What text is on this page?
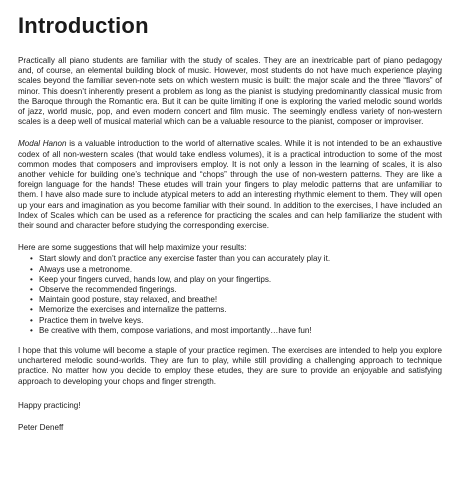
Introduction

Practically all piano students are familiar with the study of scales. They are an inextricable part of piano pedagogy and, of course, an elemental building block of music. However, most students do not have much experience playing scales beyond the familiar seven-note sets on which western music is built: the major scale and the three “flavors” of minor. This doesn’t inherently present a problem as long as the pianist is studying predominantly classical music from the Baroque through the Romantic era. But it can be quite limiting if one is exploring the varied melodic sound worlds of jazz, world music, pop, and even modern concert and film music. The seemingly endless variety of non-western scales is a deep well of musical material which can be a valuable resource to the pianist, composer or improviser.

Modal Hanon is a valuable introduction to the world of alternative scales. While it is not intended to be an exhaustive codex of all non-western scales (that would take endless volumes), it is a practical introduction to some of the most common modes that composers and improvisers employ. It is not only a lesson in the learning of scales, it is also another vehicle for building one’s technique and “chops” through the use of non-western patterns. They are like a foreign language for the hands! These etudes will train your fingers to play melodic patterns that are unfamiliar to them. I have also made sure to include atypical meters to add an interesting rhythmic element to them. They will open up your ears and imagination as you become familiar with their sound. In addition to the exercises, I have included an Index of Scales which can be used as a reference for practicing the scales and can help familiarize the student with their sound and character before studying the corresponding exercise.

Here are some suggestions that will help maximize your results:

• Start slowly and don’t practice any exercise faster than you can accurately play it.
• Always use a metronome.
• Keep your fingers curved, hands low, and play on your fingertips.
• Observe the recommended fingerings.
• Maintain good posture, stay relaxed, and breathe!
• Memorize the exercises and internalize the patterns.
• Practice them in twelve keys.
• Be creative with them, compose variations, and most importantly…have fun!

I hope that this volume will become a staple of your practice regimen. The exercises are intended to help you explore unchartered melodic sound-worlds. They are fun to play, while still providing a challenging approach to technique practice. No matter how you decide to employ these etudes, they are sure to provide an enjoyable and satisfying approach to developing your chops and finger strength.

Happy practicing!

Peter Deneff
